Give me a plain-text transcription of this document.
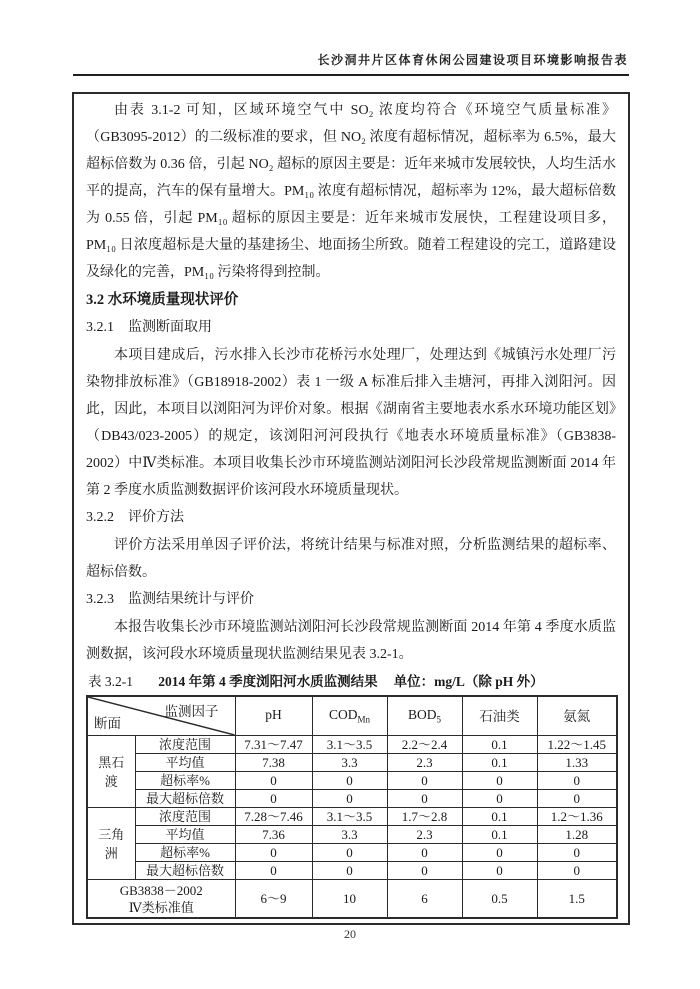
长沙洞井片区体育休闲公园建设项目环境影响报告表

由表 3.1-2 可知，区域环境空气中 SO₂ 浓度均符合《环境空气质量标准》（GB3095-2012）的二级标准的要求，但 NO₂ 浓度有超标情况，超标率为 6.5%，最大超标倍数为 0.36 倍，引起 NO₂ 超标的原因主要是：近年来城市发展较快，人均生活水平的提高，汽车的保有量增大。PM₁₀ 浓度有超标情况，超标率为 12%，最大超标倍数为 0.55 倍，引起 PM₁₀ 超标的原因主要是：近年来城市发展快，工程建设项目多，PM₁₀ 日浓度超标是大量的基建扬尘、地面扬尘所致。随着工程建设的完工，道路建设及绿化的完善，PM₁₀ 污染将得到控制。

3.2 水环境质量现状评价
3.2.1　监测断面取用

本项目建成后，污水排入长沙市花桥污水处理厂，处理达到《城镇污水处理厂污染物排放标准》（GB18918-2002）表 1 一级 A 标准后排入圭塘河，再排入浏阳河。因此，因此，本项目以浏阳河为评价对象。根据《湖南省主要地表水系水环境功能区划》（DB43/023-2005）的规定，该浏阳河河段执行《地表水环境质量标准》（GB3838-2002）中Ⅳ类标准。本项目收集长沙市环境监测站浏阳河长沙段常规监测断面 2014 年第 2 季度水质监测数据评价该河段水环境质量现状。

3.2.2　评价方法

评价方法采用单因子评价法，将统计结果与标准对照，分析监测结果的超标率、超标倍数。

3.2.3　监测结果统计与评价

本报告收集长沙市环境监测站浏阳河长沙段常规监测断面 2014 年第 4 季度水质监测数据，该河段水环境质量现状监测结果见表 3.2-1。

表 3.2-1 2014 年第 4 季度浏阳河水质监测结果 单位：mg/L（除 pH 外）
监测因子
断面		pH	$COD_{Mn}$	$BOD_5$	石油类	氨氮
黑石渡	浓度范围	7.31～7.47	3.1～3.5	2.2～2.4	0.1	1.22～1.45
	平均值	7.38	3.3	2.3	0.1	1.33
	超标率%	0	0	0	0	0
	最大超标倍数	0	0	0	0	0
三角洲	浓度范围	7.28～7.46	3.1～3.5	1.7～2.8	0.1	1.2～1.36
	平均值	7.36	3.3	2.3	0.1	1.28
	超标率%	0	0	0	0	0
	最大超标倍数	0	0	0	0	0

GB3838－2002
Ⅳ类标准值		6～9	10	6	0.5	1.5
20
